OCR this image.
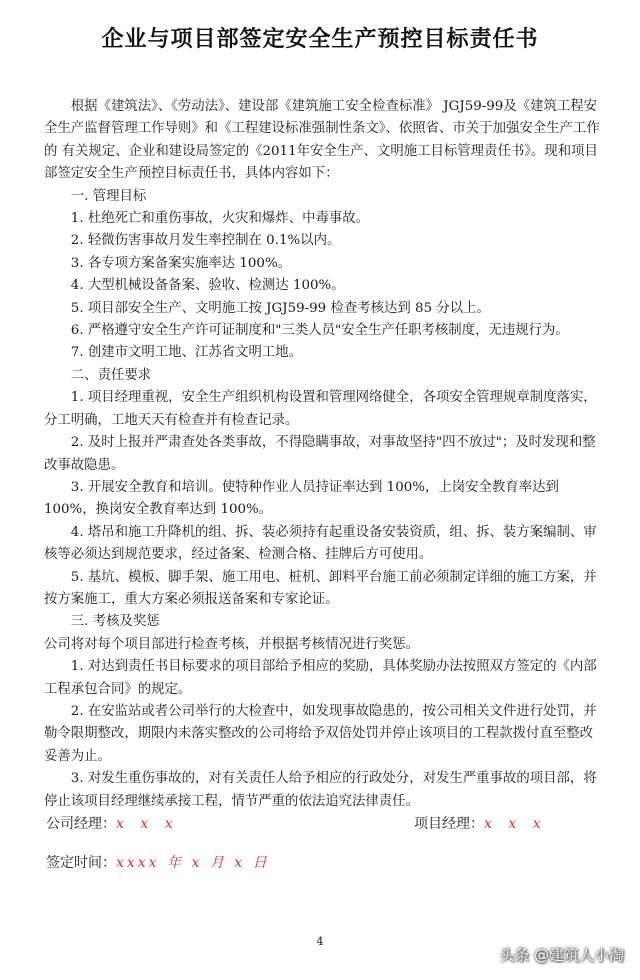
企业与项目部签定安全生产预控目标责任书

根据《建筑法》、《劳动法》、建设部《建筑施工安全检查标准》 JGJ59-99及《建筑工程安全生产监督管理工作导则》和《工程建设标准强制性条文》、依照省、市关于加强安全生产工作的 有关规定、企业和建设局签定的《2011年安全生产、文明施工目标管理责任书》。现和项目部签定安全生产预控目标责任书，具体内容如下：

一. 管理目标

1. 杜绝死亡和重伤事故，火灾和爆炸、中毒事故。

2. 轻微伤害事故月发生率控制在 0.1%以内。

3. 各专项方案备案实施率达 100%。

4. 大型机械设备备案、验收、检测达 100%。

5. 项目部安全生产、文明施工按 JGJ59-99 检查考核达到 85 分以上。

6. 严格遵守安全生产许可证制度和"三类人员"安全生产任职考核制度，无违规行为。

7. 创建市文明工地、江苏省文明工地。

二、责任要求

1. 项目经理重视，安全生产组织机构设置和管理网络健全，各项安全管理规章制度落实，分工明确，工地天天有检查并有检查记录。

2. 及时上报并严肃查处各类事故，不得隐瞒事故，对事故坚持"四不放过"；及时发现和整改事故隐患。

3. 开展安全教育和培训。使特种作业人员持证率达到 100%，上岗安全教育率达到 100%，换岗安全教育率达到 100%。

4. 塔吊和施工升降机的组、拆、装必须持有起重设备安装资质，组、拆、装方案编制、审核等必须达到规范要求，经过备案、检测合格、挂牌后方可使用。

5. 基坑、模板、脚手架、施工用电、桩机、卸料平台施工前必须制定详细的施工方案，并按方案施工，重大方案必须报送备案和专家论证。

三. 考核及奖惩

公司将对每个项目部进行检查考核，并根据考核情况进行奖惩。

1. 对达到责任书目标要求的项目部给予相应的奖励，具体奖励办法按照双方签定的《内部工程承包合同》的规定。

2. 在安监站或者公司举行的大检查中，如发现事故隐患的，按公司相关文件进行处罚，并勒令限期整改，期限内未落实整改的公司将给予双倍处罚并停止该项目的工程款拨付直至整改妥善为止。

3. 对发生重伤事故的，对有关责任人给予相应的行政处分，对发生严重事故的项目部，将停止该项目经理继续承接工程，情节严重的依法追究法律责任。

公司经理：x x x	项目经理：x x x
签定时间：xxxx 年 x 月 x 日
4
头条 @建筑人小淘
